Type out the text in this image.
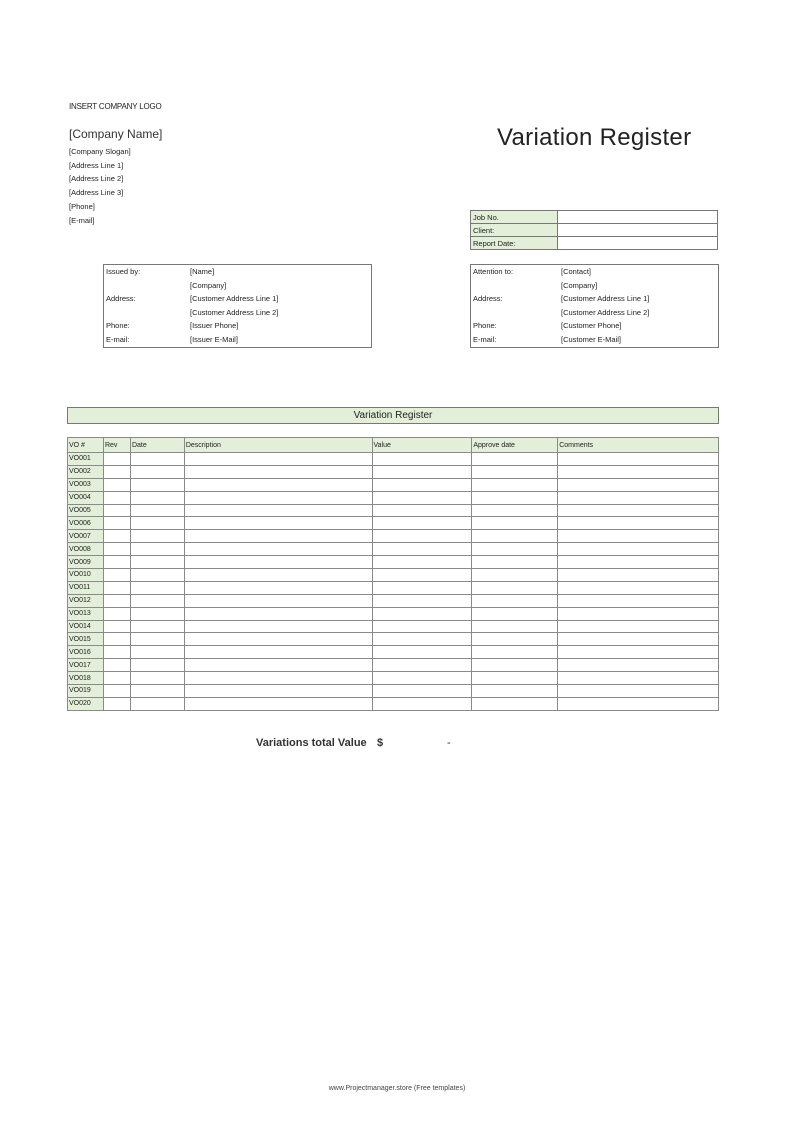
INSERT COMPANY LOGO
[Company Name]
[Company Slogan]
[Address Line 1]
[Address Line 2]
[Address Line 3]
[Phone]
[E-mail]
Variation Register
Job No.	
Client:	
Report Date:	
Issued by:	[Name]
	[Company]
Address:	[Customer Address Line 1]
	[Customer Address Line 2]
Phone:	[Issuer Phone]
E-mail:	[Issuer E-Mail]
Attention to:	[Contact]
	[Company]
Address:	[Customer Address Line 1]
	[Customer Address Line 2]
Phone:	[Customer Phone]
E-mail:	[Customer E-Mail]
Variation Register
VO #	Rev	Date	Description	Value	Approve date	Comments
VO001						
VO002						
VO003						
VO004						
VO005						
VO006						
VO007						
VO008						
VO009						
VO010						
VO011						
VO012						
VO013						
VO014						
VO015						
VO016						
VO017						
VO018						
VO019						
VO020						
Variations total Value $	-
www.Projectmanager.store (Free templates)
